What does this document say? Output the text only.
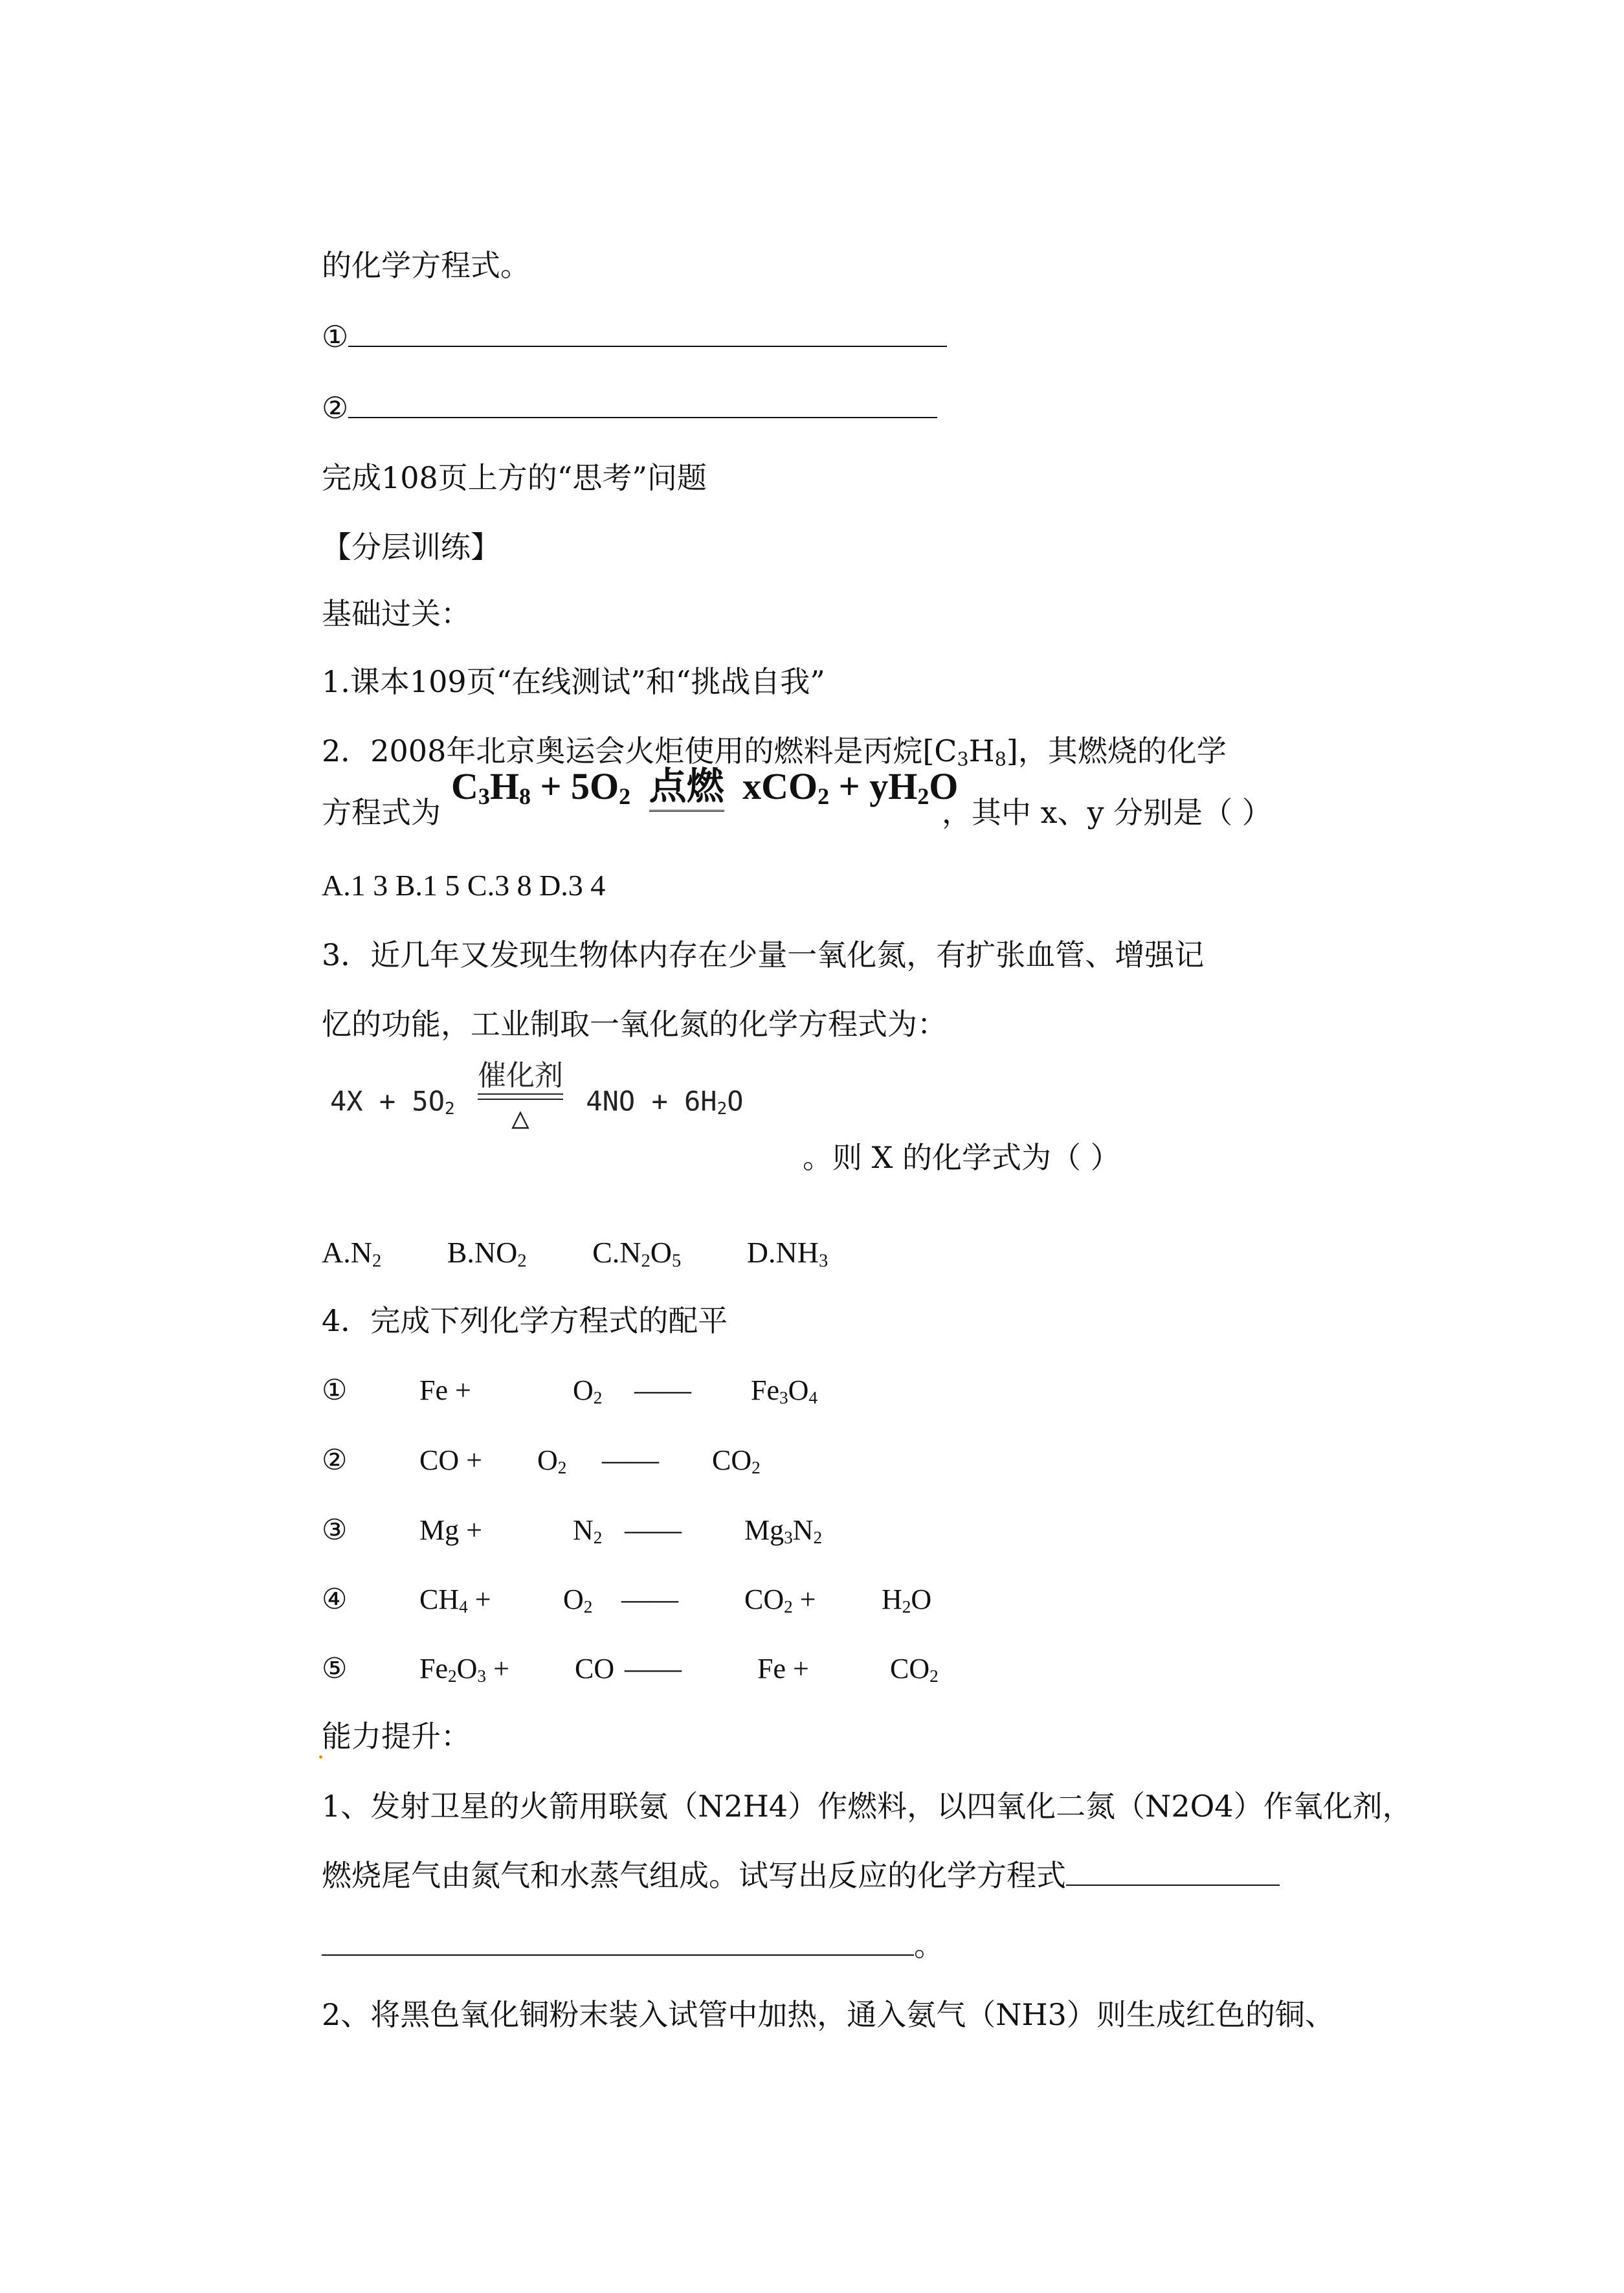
的化学方程式。
①
②
完成108页上方的“思考”问题
【分层训练】
基础过关：
1.课本109页“在线测试”和“挑战自我”
2．2008年北京奥运会火炬使用的燃料是丙烷$[C_3H_8]$，其燃烧的化学
方程式为
$C_3H_8 + 5O_2$ 点燃 $xCO_2 + yH_2O$
，其中 x、y 分别是（ ）
A.1 3 B.1 5 C.3 8 D.3 4
3．近几年又发现生物体内存在少量一氧化氮，有扩张血管、增强记
忆的功能，工业制取一氧化氮的化学方程式为：
$4X + 5O_2$
催化剂
△	$4NO + 6H_2O$
。则 X 的化学式为（ ）
$A.N_2$ $B.NO_2$ $C.N_2O_5$ $D.NH_3$
4．完成下列化学方程式的配平
①	Fe +	$O_2$ —— $Fe_3O_4$
②	CO + $O_2$ —— $CO_2$
③	Mg +	$N_2$ —— $Mg_3N_2$
④	$CH_4$ +	$O_2$ —— $CO_2 + H_2O$
⑤	$Fe_2O_3$ + CO ——	Fe +	$CO_2$
.
能力提升：
1、发射卫星的火箭用联氨（N2H4）作燃料，以四氧化二氮（N2O4）作氧化剂，
燃烧尾气由氮气和水蒸气组成。试写出反应的化学方程式
。
2、将黑色氧化铜粉末装入试管中加热，通入氨气（NH3）则生成红色的铜、
